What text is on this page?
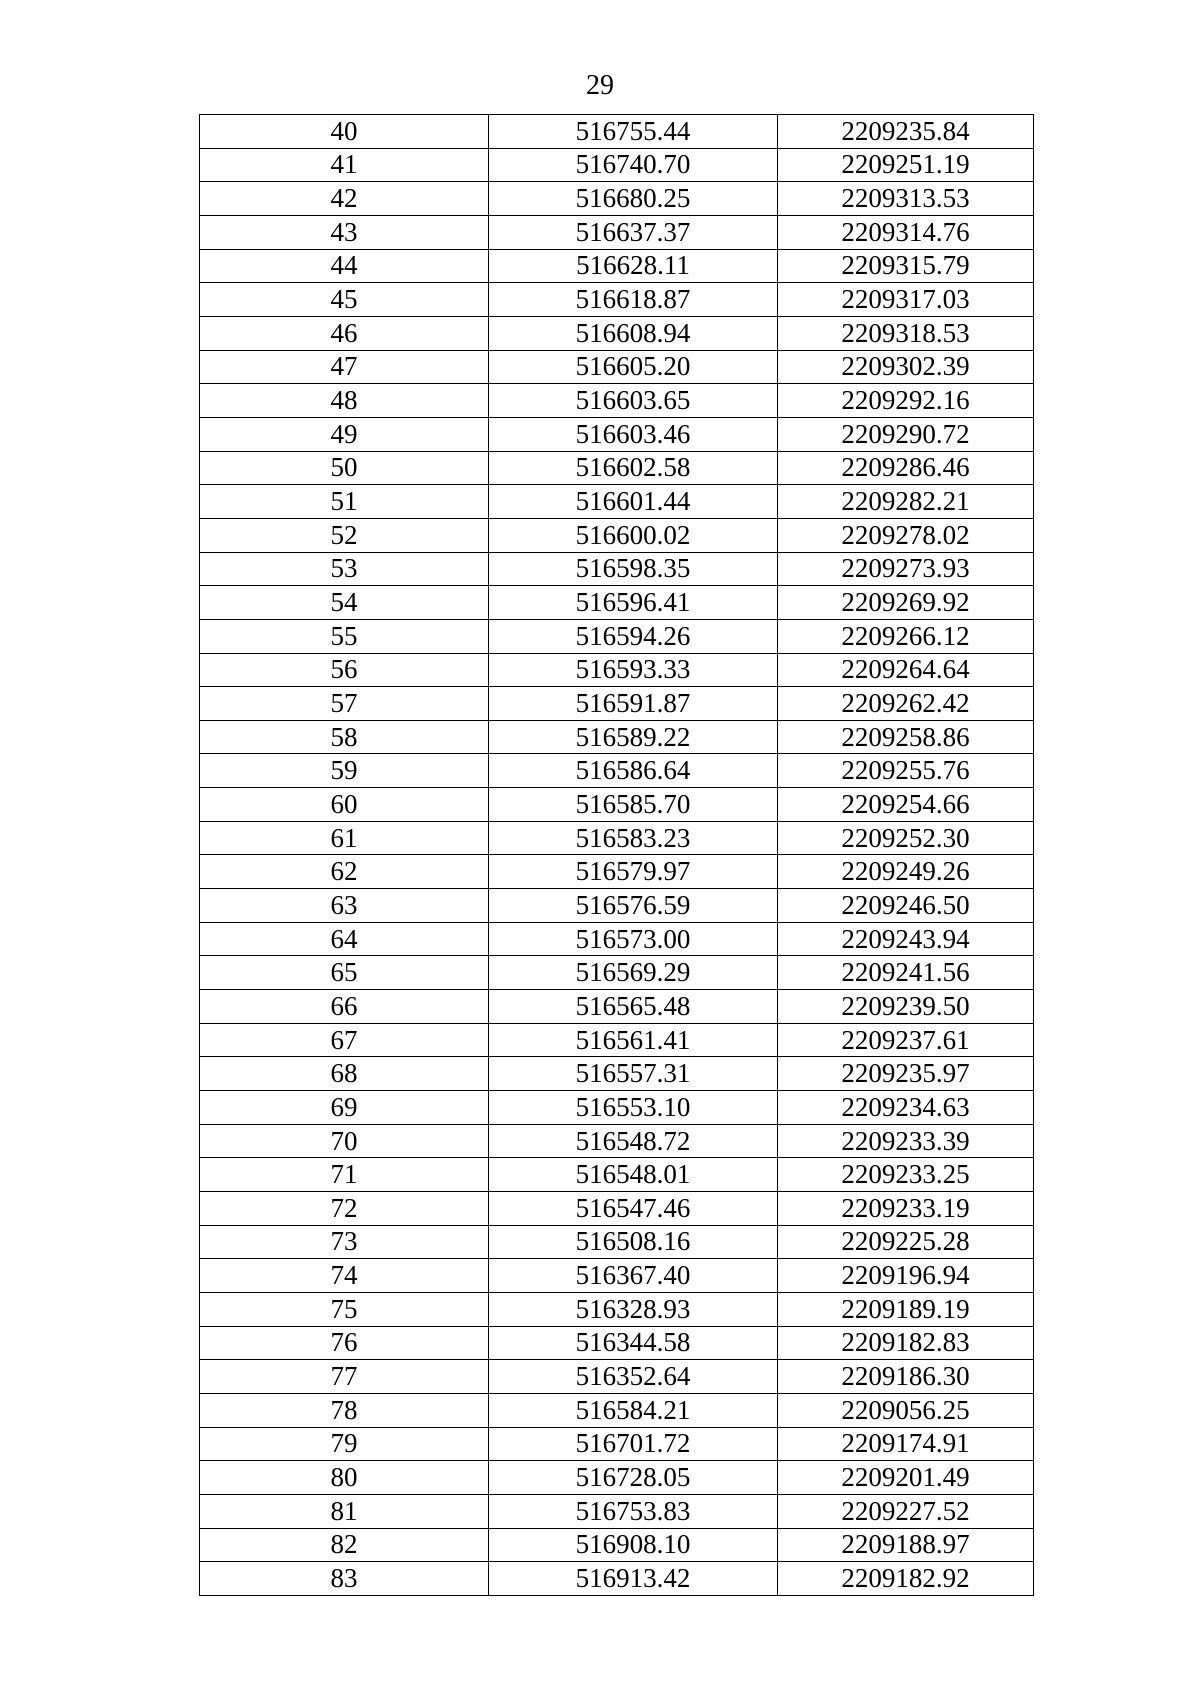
29
40	516755.44	2209235.84
41	516740.70	2209251.19
42	516680.25	2209313.53
43	516637.37	2209314.76
44	516628.11	2209315.79
45	516618.87	2209317.03
46	516608.94	2209318.53
47	516605.20	2209302.39
48	516603.65	2209292.16
49	516603.46	2209290.72
50	516602.58	2209286.46
51	516601.44	2209282.21
52	516600.02	2209278.02
53	516598.35	2209273.93
54	516596.41	2209269.92
55	516594.26	2209266.12
56	516593.33	2209264.64
57	516591.87	2209262.42
58	516589.22	2209258.86
59	516586.64	2209255.76
60	516585.70	2209254.66
61	516583.23	2209252.30
62	516579.97	2209249.26
63	516576.59	2209246.50
64	516573.00	2209243.94
65	516569.29	2209241.56
66	516565.48	2209239.50
67	516561.41	2209237.61
68	516557.31	2209235.97
69	516553.10	2209234.63
70	516548.72	2209233.39
71	516548.01	2209233.25
72	516547.46	2209233.19
73	516508.16	2209225.28
74	516367.40	2209196.94
75	516328.93	2209189.19
76	516344.58	2209182.83
77	516352.64	2209186.30
78	516584.21	2209056.25
79	516701.72	2209174.91
80	516728.05	2209201.49
81	516753.83	2209227.52
82	516908.10	2209188.97
83	516913.42	2209182.92
